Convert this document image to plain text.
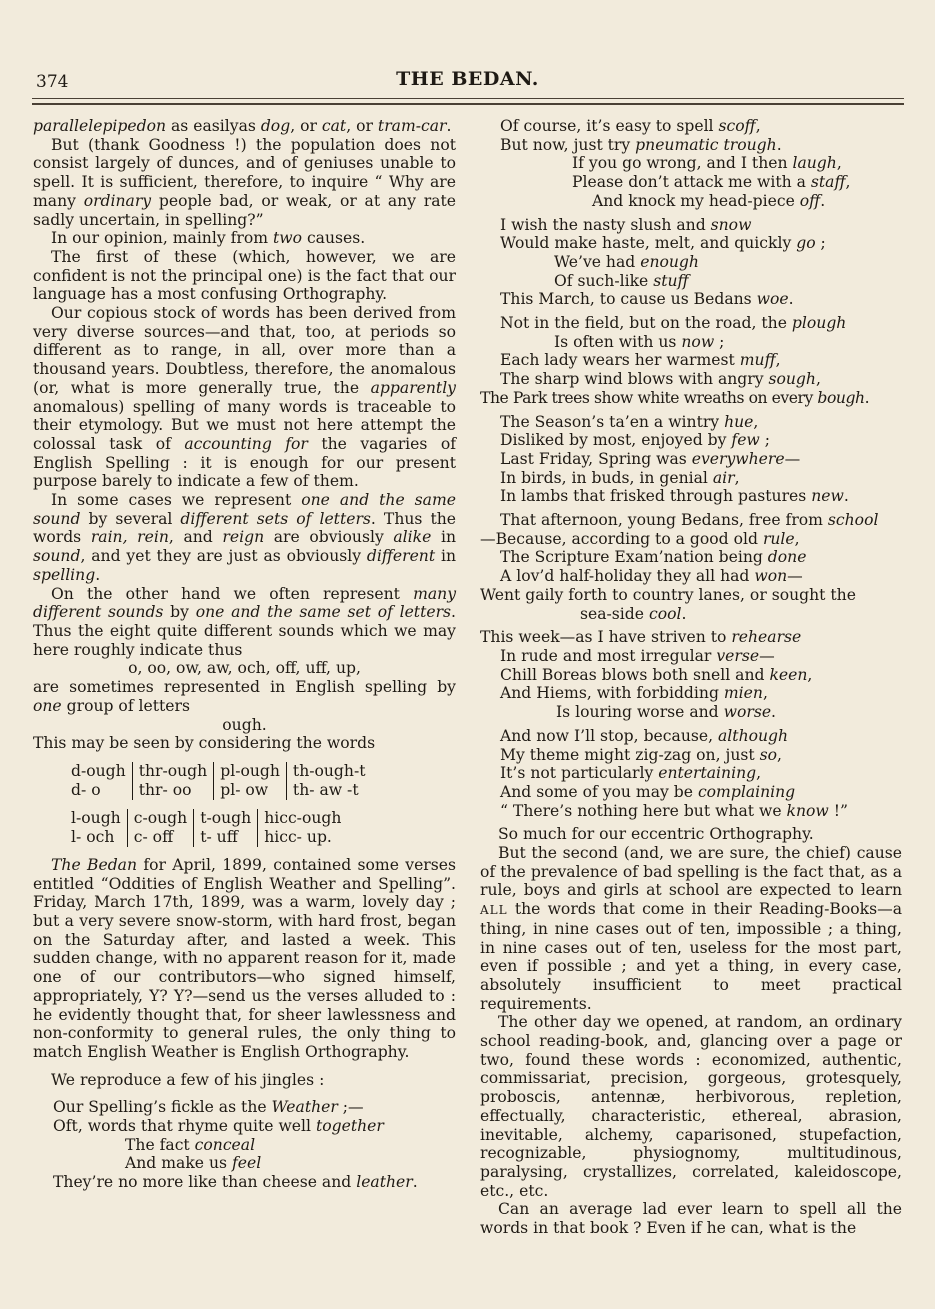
374	THE BEDAN.

parallelepipedon as easilyas dog, or cat, or tram-car.

But (thank Goodness !) the population does not consist largely of dunces, and of geniuses unable to spell. It is sufficient, therefore, to inquire “ Why are many ordinary people bad, or weak, or at any rate sadly uncertain, in spelling?”

In our opinion, mainly from two causes.

The first of these (which, however, we are confident is not the principal one) is the fact that our language has a most confusing Orthography.

Our copious stock of words has been derived from very diverse sources—and that, too, at periods so different as to range, in all, over more than a thousand years. Doubtless, therefore, the anomalous (or, what is more generally true, the apparently anomalous) spelling of many words is traceable to their etymology. But we must not here attempt the colossal task of accounting for the vagaries of English Spelling : it is enough for our present purpose barely to indicate a few of them.

In some cases we represent one and the same sound by several different sets of letters. Thus the words rain, rein, and reign are obviously alike in sound, and yet they are just as obviously different in spelling.

On the other hand we often represent many different sounds by one and the same set of letters. Thus the eight quite different sounds which we may here roughly indicate thus

o, oo, ow, aw, och, off, uff, up,

are sometimes represented in English spelling by one group of letters

ough.

This may be seen by considering the words

d-ough	thr-ough	pl-ough	th-ough-t
d- o	thr- oo	pl- ow	th- aw -t
l-ough	c-ough	t-ough	hicc-ough
l- och	c- off	t- uff	hicc- up.

The Bedan for April, 1899, contained some verses entitled “Oddities of English Weather and Spelling”. Friday, March 17th, 1899, was a warm, lovely day ; but a very severe snow-storm, with hard frost, began on the Saturday after, and lasted a week. This sudden change, with no apparent reason for it, made one of our contributors—who signed himself, appropriately, Y? Y?—send us the verses alluded to : he evidently thought that, for sheer lawlessness and non-conformity to general rules, the only thing to match English Weather is English Orthography.

We reproduce a few of his jingles :

Our Spelling’s fickle as the Weather ;—

Oft, words that rhyme quite well together

The fact conceal

And make us feel

They’re no more like than cheese and leather.

Of course, it’s easy to spell scoff,

But now, just try pneumatic trough.

If you go wrong, and I then laugh,

Please don’t attack me with a staff,

And knock my head-piece off.

I wish the nasty slush and snow

Would make haste, melt, and quickly go ;

We’ve had enough

Of such-like stuff

This March, to cause us Bedans woe.

Not in the field, but on the road, the plough

Is often with us now ;

Each lady wears her warmest muff,

The sharp wind blows with angry sough,

The Park trees show white wreaths on every bough.

The Season’s ta’en a wintry hue,

Disliked by most, enjoyed by few ;

Last Friday, Spring was everywhere—

In birds, in buds, in genial air,

In lambs that frisked through pastures new.

That afternoon, young Bedans, free from school

—Because, according to a good old rule,

The Scripture Exam’nation being done

A lov’d half-holiday they all had won—

Went gaily forth to country lanes, or sought the

sea-side cool.

This week—as I have striven to rehearse

In rude and most irregular verse—

Chill Boreas blows both snell and keen,

And Hiems, with forbidding mien,

Is louring worse and worse.

And now I’ll stop, because, although

My theme might zig-zag on, just so,

It’s not particularly entertaining,

And some of you may be complaining

“ There’s nothing here but what we know !”

So much for our eccentric Orthography.

But the second (and, we are sure, the chief) cause of the prevalence of bad spelling is the fact that, as a rule, boys and girls at school are expected to learn ALL the words that come in their Reading-Books—a thing, in nine cases out of ten, impossible ; a thing, in nine cases out of ten, useless for the most part, even if possible ; and yet a thing, in every case, absolutely insufficient to meet practical requirements.

The other day we opened, at random, an ordinary school reading-book, and, glancing over a page or two, found these words : economized, authentic, commissariat, precision, gorgeous, grotesquely, proboscis, antennæ, herbivorous, repletion, effectually, characteristic, ethereal, abrasion, inevitable, alchemy, caparisoned, stupefaction, recognizable, physiognomy, multitudinous, paralysing, crystallizes, correlated, kaleidoscope, etc., etc.

Can an average lad ever learn to spell all the words in that book ? Even if he can, what is the
